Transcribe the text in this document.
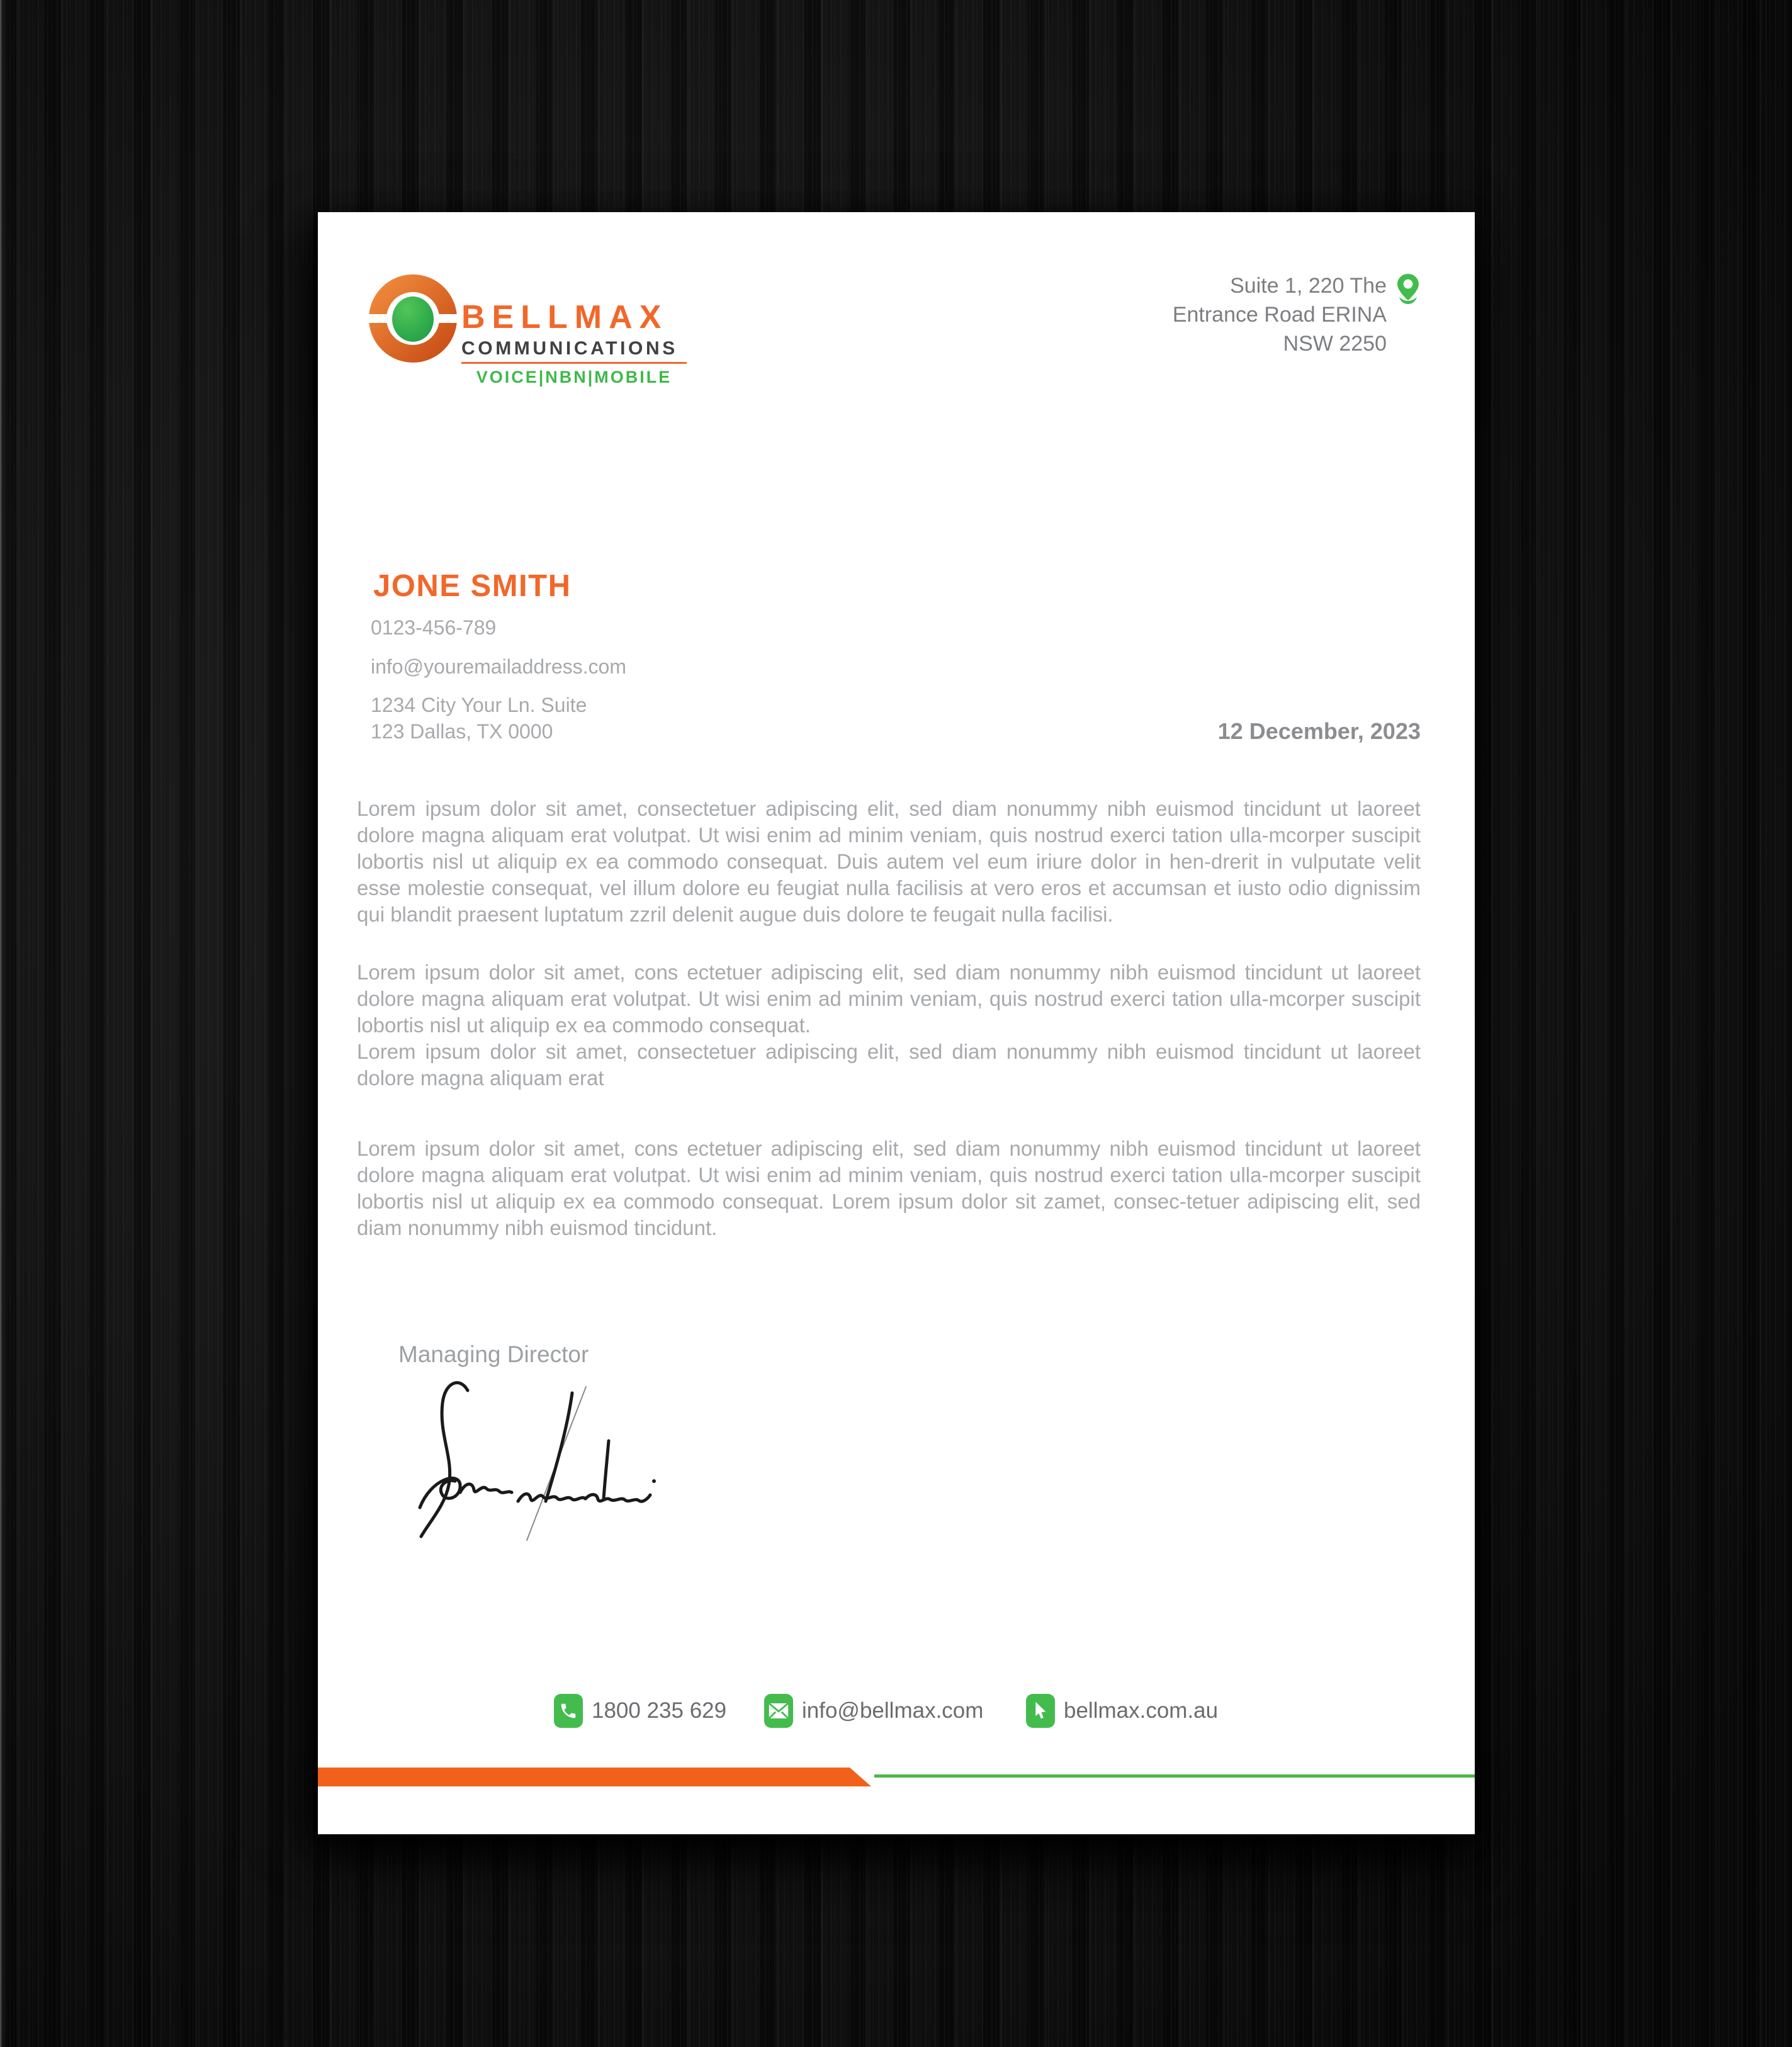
BELLMAX
COMMUNICATIONS
VOICE|NBN|MOBILE
Suite 1, 220 The
Entrance Road ERINA
NSW 2250
JONE SMITH
0123-456-789
info@youremailaddress.com
1234 City Your Ln. Suite
123 Dallas, TX 0000	12 December, 2023

Lorem ipsum dolor sit amet, consectetuer adipiscing elit, sed diam nonummy nibh euismod tincidunt ut laoreet dolore magna aliquam erat volutpat. Ut wisi enim ad minim veniam, quis nostrud exerci tation ulla-mcorper suscipit lobortis nisl ut aliquip ex ea commodo consequat. Duis autem vel eum iriure dolor in hen-drerit in vulputate velit esse molestie consequat, vel illum dolore eu feugiat nulla facilisis at vero eros et accumsan et iusto odio dignissim qui blandit praesent luptatum zzril delenit augue duis dolore te feugait nulla facilisi.

Lorem ipsum dolor sit amet, cons ectetuer adipiscing elit, sed diam nonummy nibh euismod tincidunt ut laoreet dolore magna aliquam erat volutpat. Ut wisi enim ad minim veniam, quis nostrud exerci tation ulla-mcorper suscipit lobortis nisl ut aliquip ex ea commodo consequat.

Lorem ipsum dolor sit amet, consectetuer adipiscing elit, sed diam nonummy nibh euismod tincidunt ut laoreet dolore magna aliquam erat

Lorem ipsum dolor sit amet, cons ectetuer adipiscing elit, sed diam nonummy nibh euismod tincidunt ut laoreet dolore magna aliquam erat volutpat. Ut wisi enim ad minim veniam, quis nostrud exerci tation ulla-mcorper suscipit lobortis nisl ut aliquip ex ea commodo consequat. Lorem ipsum dolor sit zamet, consec-tetuer adipiscing elit, sed diam nonummy nibh euismod tincidunt.

Managing Director
1800 235 629	info@bellmax.com	bellmax.com.au
